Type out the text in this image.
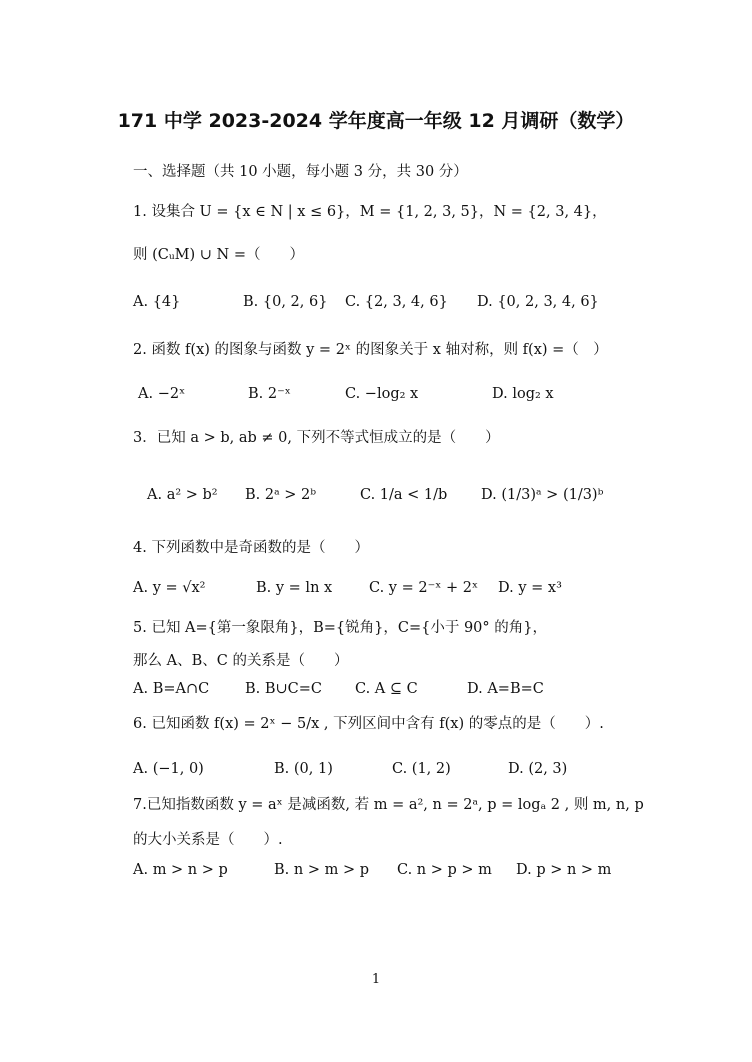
171 中学 2023-2024 学年度高一年级 12 月调研（数学）
一、选择题（共 10 小题，每小题 3 分，共 30 分）
1. 设集合 U = {x ∈ N | x ≤ 6}，M = {1, 2, 3, 5}，N = {2, 3, 4}，
则 (CᵤM) ∪ N =（　　）
A. {4}	B. {0, 2, 6} C. {2, 3, 4, 6} D. {0, 2, 3, 4, 6}
2. 函数 f(x) 的图象与函数 y = 2ˣ 的图象关于 x 轴对称，则 f(x) =（　）
A. −2ˣ	B. 2⁻ˣ	C. −log₂ x	D. log₂ x
3．已知 a > b, ab ≠ 0, 下列不等式恒成立的是（　　）
A. a² > b² B. 2ᵃ > 2ᵇ	C. 1/a < 1/b D. (1/3)ᵃ > (1/3)ᵇ
4. 下列函数中是奇函数的是（　　）
A. y = √x²	B. y = ln x	C. y = 2⁻ˣ + 2ˣ D. y = x³
5. 已知 A={第一象限角}，B={锐角}，C={小于 90° 的角}，
那么 A、B、C 的关系是（　　）
A. B=A∩C B. B∪C=C C. A ⊆ C	D. A=B=C
6. 已知函数 f(x) = 2ˣ − 5/x , 下列区间中含有 f(x) 的零点的是（　　）.
A. (−1, 0)	B. (0, 1)	C. (1, 2)	D. (2, 3)
7.已知指数函数 y = aˣ 是减函数, 若 m = a², n = 2ᵃ, p = logₐ 2 , 则 m, n, p
的大小关系是（　　）.
A. m > n > p	B. n > m > p C. n > p > m D. p > n > m
1
